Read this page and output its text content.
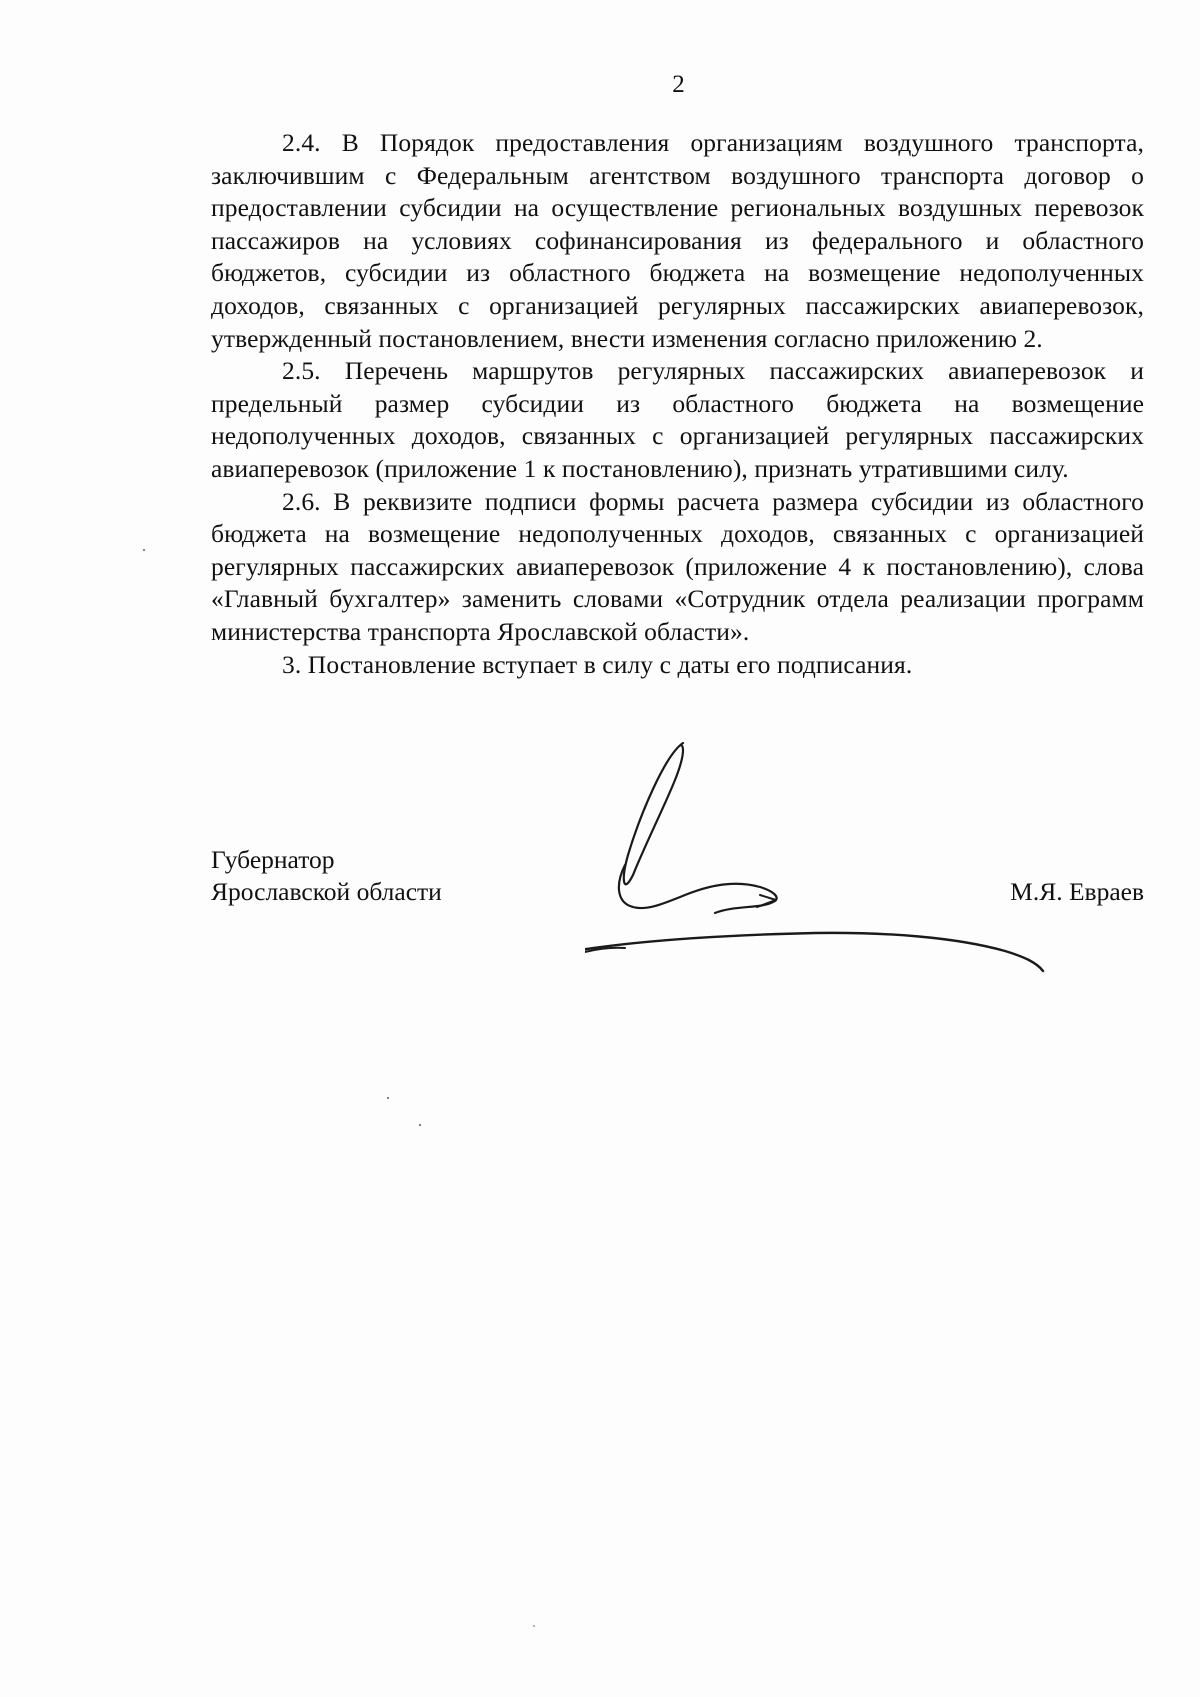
2

2.4. В Порядок предоставления организациям воздушного транспорта, заключившим с Федеральным агентством воздушного транспорта договор о предоставлении субсидии на осуществление региональных воздушных перевозок пассажиров на условиях софинансирования из федерального и областного бюджетов, субсидии из областного бюджета на возмещение недополученных доходов, связанных с организацией регулярных пассажирских авиаперевозок, утвержденный постановлением, внести изменения согласно приложению 2.

2.5. Перечень маршрутов регулярных пассажирских авиаперевозок и предельный размер субсидии из областного бюджета на возмещение недополученных доходов, связанных с организацией регулярных пассажирских авиаперевозок (приложение 1 к постановлению), признать утратившими силу.

2.6. В реквизите подписи формы расчета размера субсидии из областного бюджета на возмещение недополученных доходов, связанных с организацией регулярных пассажирских авиаперевозок (приложение 4 к постановлению), слова «Главный бухгалтер» заменить словами «Сотрудник отдела реализации программ министерства транспорта Ярославской области».

3. Постановление вступает в силу с даты его подписания.

Губернатор
Ярославской области	М.Я. Евраев
